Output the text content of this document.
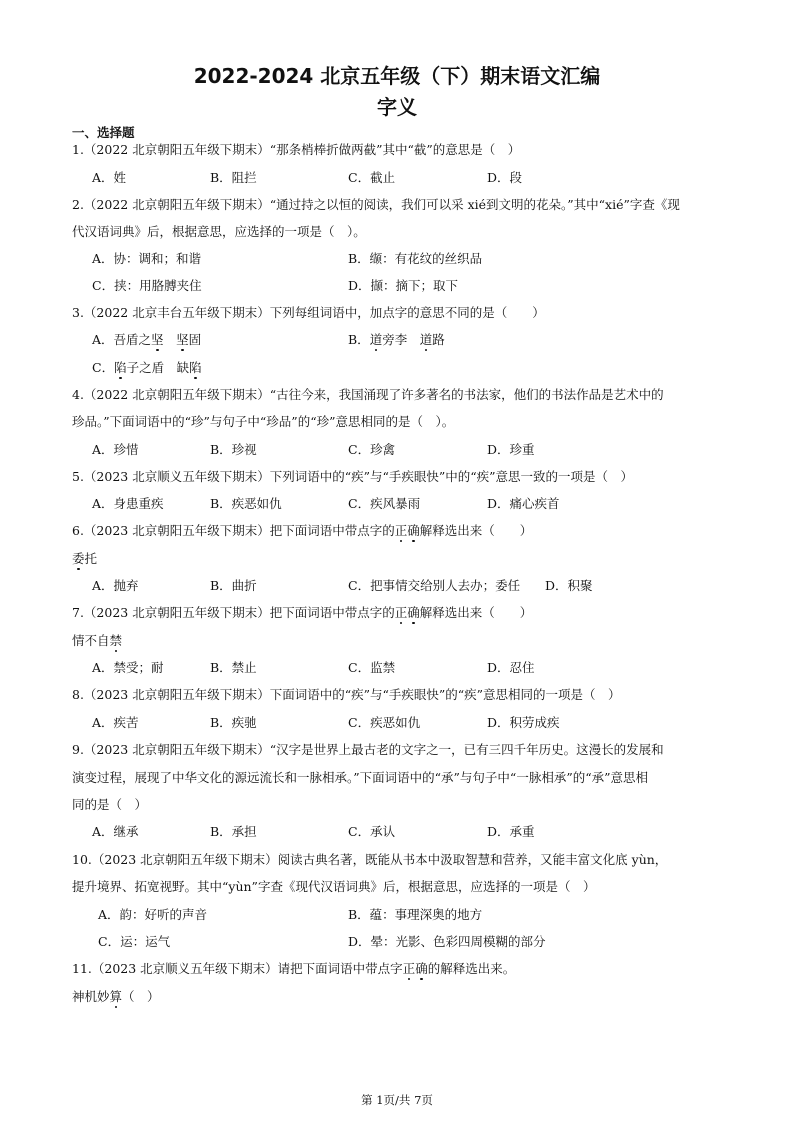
2022-2024 北京五年级（下）期末语文汇编
字义
一、选择题
1.（2022 北京朝阳五年级下期末）“那条梢棒折做两截”其中“截”的意思是（　）
A．姓	B．阻拦	C．截止	D．段
2.（2022 北京朝阳五年级下期末）“通过持之以恒的阅读，我们可以采 xié到文明的花朵。”其中“xié”字查《现
代汉语词典》后，根据意思，应选择的一项是（　）。
A．协：调和；和谐	B．缬：有花纹的丝织品
C．挟：用胳膊夹住	D．撷：摘下；取下
3.（2022 北京丰台五年级下期末）下列每组词语中，加点字的意思不同的是（　　）
A．吾盾之坚　 坚固	B．道旁李　道路
C．陷子之盾　缺陷
4.（2022 北京朝阳五年级下期末）“古往今来，我国涌现了许多著名的书法家，他们的书法作品是艺术中的
珍品。”下面词语中的“珍”与句子中“珍品”的“珍”意思相同的是（　）。
A．珍惜	B．珍视	C．珍禽	D．珍重
5.（2023 北京顺义五年级下期末）下列词语中的“疾”与“手疾眼快”中的“疾”意思一致的一项是（　）
A．身患重疾	B．疾恶如仇	C．疾风暴雨	D．痛心疾首
6.（2023 北京朝阳五年级下期末）把下面词语中带点字的正确解释选出来（　　）
委托
A．抛弃	B．曲折	C．把事情交给别人去办；委任 D．积聚
7.（2023 北京朝阳五年级下期末）把下面词语中带点字的正确解释选出来（　　）
情不自禁
A．禁受；耐	B．禁止	C．监禁	D．忍住
8.（2023 北京朝阳五年级下期末）下面词语中的“疾”与“手疾眼快”的“疾”意思相同的一项是（　）
A．疾苦	B．疾驰	C．疾恶如仇	D．积劳成疾
9.（2023 北京朝阳五年级下期末）“汉字是世界上最古老的文字之一，已有三四千年历史。这漫长的发展和
演变过程，展现了中华文化的源远流长和一脉相承。”下面词语中的“承”与句子中“一脉相承”的“承”意思相
同的是（　）
A．继承	B．承担	C．承认	D．承重
10.（2023 北京朝阳五年级下期末）阅读古典名著，既能从书本中汲取智慧和营养，又能丰富文化底 yùn，
提升境界、拓宽视野。其中“yùn”字查《现代汉语词典》后，根据意思，应选择的一项是（　）
A．韵：好听的声音	B．蕴：事理深奥的地方
C．运：运气	D．晕：光影、色彩四周模糊的部分
11.（2023 北京顺义五年级下期末）请把下面词语中带点字正确的解释选出来。
神机妙算（　）
第 1页/共 7页
